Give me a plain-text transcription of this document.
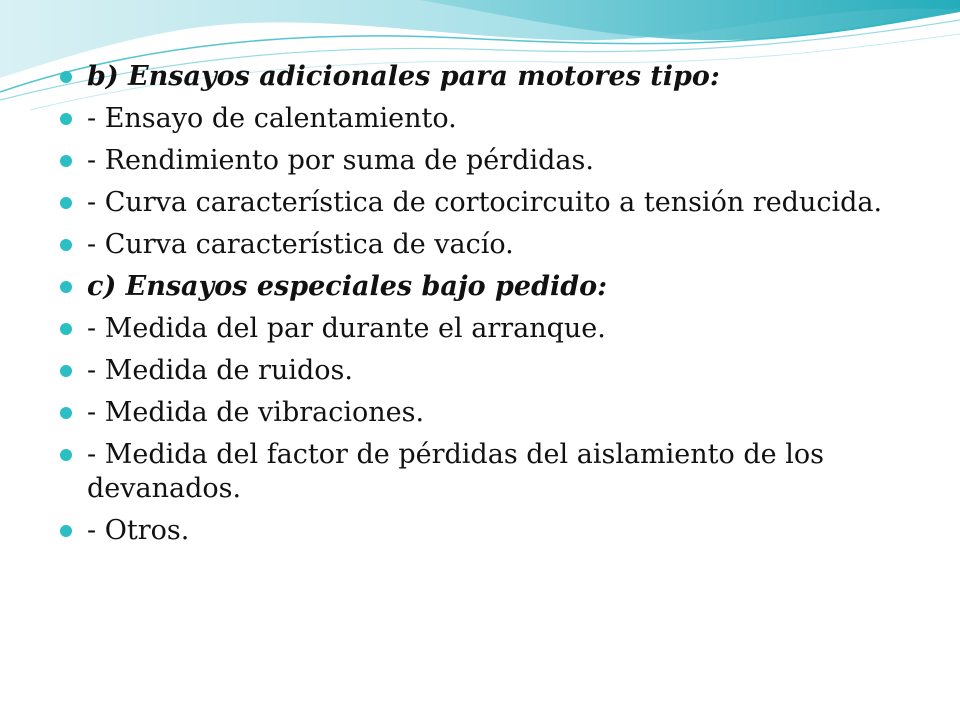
b) Ensayos adicionales para motores tipo:
- Ensayo de calentamiento.
- Rendimiento por suma de pérdidas.
- Curva característica de cortocircuito a tensión reducida.
- Curva característica de vacío.
c) Ensayos especiales bajo pedido:
- Medida del par durante el arranque.
- Medida de ruidos.
- Medida de vibraciones.
- Medida del factor de pérdidas del aislamiento de los devanados.
- Otros.
